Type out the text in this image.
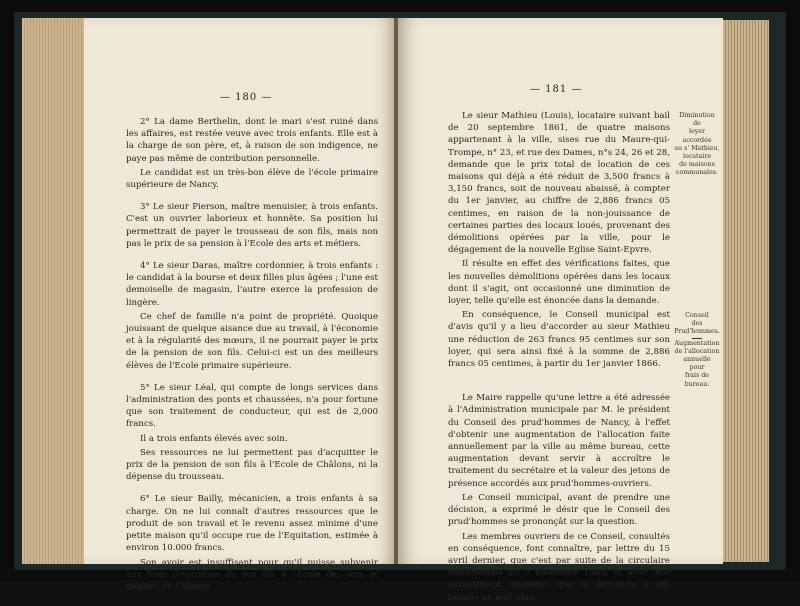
— 180 —

2° La dame Berthelin, dont le mari s'est ruiné dans les affaires, est restée veuve avec trois enfants. Elle est à la charge de son père, et, à raison de son indigence, ne paye pas même de contribution personnelle.

Le candidat est un très-bon élève de l'école primaire supérieure de Nancy.

3° Le sieur Pierson, maître menuisier, à trois enfants. C'est un ouvrier laborieux et honnête. Sa position lui permettrait de payer le trousseau de son fils, mais non pas le prix de sa pension à l'Ecole des arts et métiers.

4° Le sieur Daras, maître cordonnier, à trois enfants : le candidat à la bourse et deux filles plus âgées ; l'une est demoiselle de magasin, l'autre exerce la profession de lingère.

Ce chef de famille n'a point de propriété. Quoique jouissant de quelque aisance due au travail, à l'économie et à la régularité des mœurs, il ne pourrait payer le prix de la pension de son fils. Celui-ci est un des meilleurs élèves de l'Ecole primaire supérieure.

5° Le sieur Léal, qui compte de longs services dans l'administration des ponts et chaussées, n'a pour fortune que son traitement de conducteur, qui est de 2,000 francs.

Il a trois enfants élevés avec soin.

Ses ressources ne lui permettent pas d'acquitter le prix de la pension de son fils à l'Ecole de Châlons, ni la dépense du trousseau.

6° Le sieur Bailly, mécanicien, a trois enfants à sa charge. On ne lui connaît d'autres ressources que le produit de son travail et le revenu assez minime d'une petite maison qu'il occupe rue de l'Equitation, estimée à environ 10.000 francs.

Son avoir est insuffisant pour qu'il puisse subvenir aux frais d'entretien de son fils à l'Ecole des arts et métiers de Châlons.

— 181 —

Le sieur Mathieu (Louis), locataire suivant bail de 20 septembre 1861, de quatre maisons appartenant à la ville, sises rue du Maure-qui-Trompe, n° 23, et rue des Dames, n°s 24, 26 et 28, demande que le prix total de location de ces maisons qui déjà a été réduit de 3,500 francs à 3,150 francs, soit de nouveau abaissé, à compter du 1er janvier, au chiffre de 2,886 francs 05 centimes, en raison de la non-jouissance de certaines parties des locaux loués, provenant des démolitions opérées par la ville, pour le dégagement de la nouvelle Eglise Saint-Epvre.

Il résulte en effet des vérifications faites, que les nouvelles démolitions opérées dans les locaux dont il s'agit, ont occasionné une diminution de loyer, telle qu'elle est énoncée dans la demande.

En conséquence, le Conseil municipal est d'avis qu'il y a lieu d'accorder au sieur Mathieu une réduction de 263 francs 95 centimes sur son loyer, qui sera ainsi fixé à la somme de 2,886 francs 05 centimes, à partir du 1er janvier 1866.

Le Maire rappelle qu'une lettre a été adressée à l'Administration municipale par M. le président du Conseil des prud'hommes de Nancy, à l'effet d'obtenir une augmentation de l'allocation faite annuellement par la ville au même bureau, cette augmentation devant servir à accroître le traitement du secrétaire et la valeur des jetons de présence accordés aux prud'hommes-ouvriers.

Le Conseil municipal, avant de prendre une décision, a exprimé le désir que le Conseil des prud'hommes se prononçât sur la question.

Les membres ouvriers de ce Conseil, consultés en conséquence, font connaître, par lettre du 15 avril dernier, que c'est par suite de la circulaire ministérielle du 3 novembre 1865, et avec leur assentiment unanime, que la demande a été formée en leur nom.

Diminution
de
loyer accordée
au s' Mathieu,
locataire
de maisons
communales.
Conseil
des
Prud'hommes.
Augmentation
de l'allocation
annuelle
pour
frais de bureau.
